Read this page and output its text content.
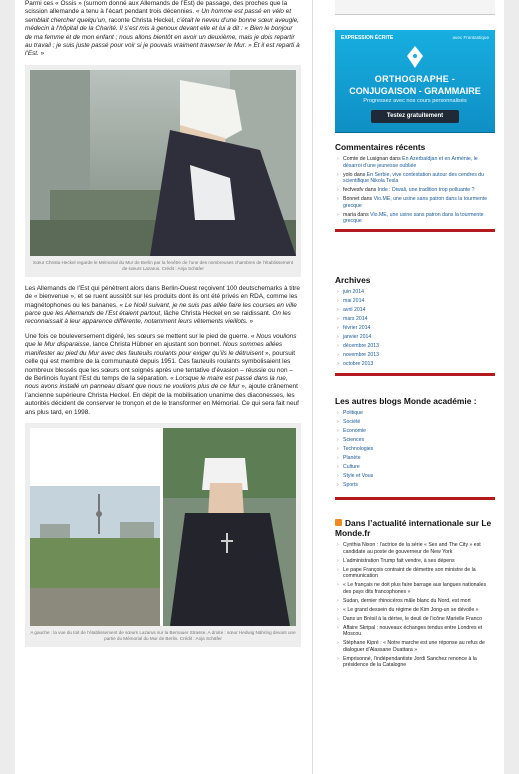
Parmi ces « Ossis » (surnom donné aux Allemands de l’Est) de passage, des proches que la scission allemande a tenu à l’écart pendant trois décennies. « Un homme est passé en vélo et semblait chercher quelqu’un, raconte Christa Heckel, c’était le neveu d’une bonne sœur aveugle, médecin à l’hôpital de la Charité. Il s’est mis à genoux devant elle et lui a dit : « Bien le bonjour de ma femme et de mon enfant ; nous allons bientôt en avoir un deuxième, mais je dois repartir au travail ; je suis juste passé pour voir si je pouvais vraiment traverser le Mur. » Et il est reparti à l’Est. »

Sœur Christa Heckel regarde le Mémorial du Mur de Berlin par la fenêtre de l’une des nombreuses chambres de l’établissement de sœurs Lazarus. Crédit : Anja Schäfer

Les Allemands de l’Est qui pénètrent alors dans Berlin-Ouest reçoivent 100 deutschemarks à titre de « bienvenue », et se ruent aussitôt sur les produits dont ils ont été privés en RDA, comme les magnétophones ou les bananes. « Le Noël suivant, je ne suis pas allée faire les courses en ville parce que les Allemands de l’Est étaient partout, lâche Christa Heckel en se raidissant. On les reconnaissait à leur apparence différente, notamment leurs vêtements vieillots. »

Une fois ce bouleversement digéré, les sœurs se mettent sur le pied de guerre. « Nous voulions que le Mur disparaisse, lance Christa Hübner en ajustant son bonnet. Nous sommes allées manifester au pied du Mur avec des fauteuils roulants pour exiger qu’ils le détruisent », poursuit celle qui est membre de la communauté depuis 1951. Ces fauteuils roulants symbolisaient les nombreux blessés que les sœurs ont soignés après une tentative d’évasion – réussie ou non – de Berlinois fuyant l’Est du temps de la séparation. « Lorsque le maire est passé dans la rue, nous avons installé un panneau disant que nous ne voulions plus de ce Mur », ajoute crânement l’ancienne supérieure Christa Heckel. En dépit de la mobilisation unanime des diaconesses, les autorités décident de conserver le tronçon et de le transformer en Mémorial. Ce qui sera fait neuf ans plus tard, en 1998.

A gauche : la vue du toit de l’établissement de sœurs Lazarus sur la Bernauer Strasse. A droite : sœur Hedwig Nähring devant une partie du Mémorial du Mur de Berlin. Crédit : Anja Schäfer
EXPRESSION ÉCRITE	avec Frantastique
ORTHOGRAPHE -
CONJUGAISON - GRAMMAIRE
Progressez avec nos cours personnalisés
Testez gratuitement
Commentaires récents
› Comte de Lusignan dans En Azerbaïdjan et en Arménie, le désarroi d’une jeunesse oubliée
› yolo dans En Serbie, vive contestation autour des cendres du scientifique Nikola Tesla
› fecfvesfv dans Inde : Diwali, une tradition trop polluante ?
› Bonnet dans Vio.ME, une usine sans patron dans la tourmente grecque
› maria dans Vio.ME, une usine sans patron dans la tourmente grecque
Archives
› juin 2014
› mai 2014
› avril 2014
› mars 2014
› février 2014
› janvier 2014
› décembre 2013
› novembre 2013
› octobre 2013
Les autres blogs Monde académie :
› Politique
› Société
› Economie
› Sciences
› Technologies
› Planète
› Culture
› Style et Vous
› Sports
Dans l’actualité internationale sur Le Monde.fr
› Cynthia Nixon : l’actrice de la série « Sex and The City » est candidate au poste de gouverneur de New York
› L’administration Trump fait vendre, à ses dépens
› Le pape François contraint de démettre son ministre de la communication
› « Le français ne doit plus faire barrage aux langues nationales des pays dits francophones »
› Sudan, dernier rhinocéros mâle blanc du Nord, est mort
› « Le grand dessein du régime de Kim Jong-un se dévoile »
› Dans un Brésil à la dérive, le deuil de l’icône Marielle Franco
› Affaire Skripal : nouveaux échanges tendus entre Londres et Moscou
› Stéphane Kipré : « Notre marche est une réponse au refus de dialoguer d’Alassane Ouattara »
› Emprisonné, l’indépendantiste Jordi Sanchez renonce à la présidence de la Catalogne
